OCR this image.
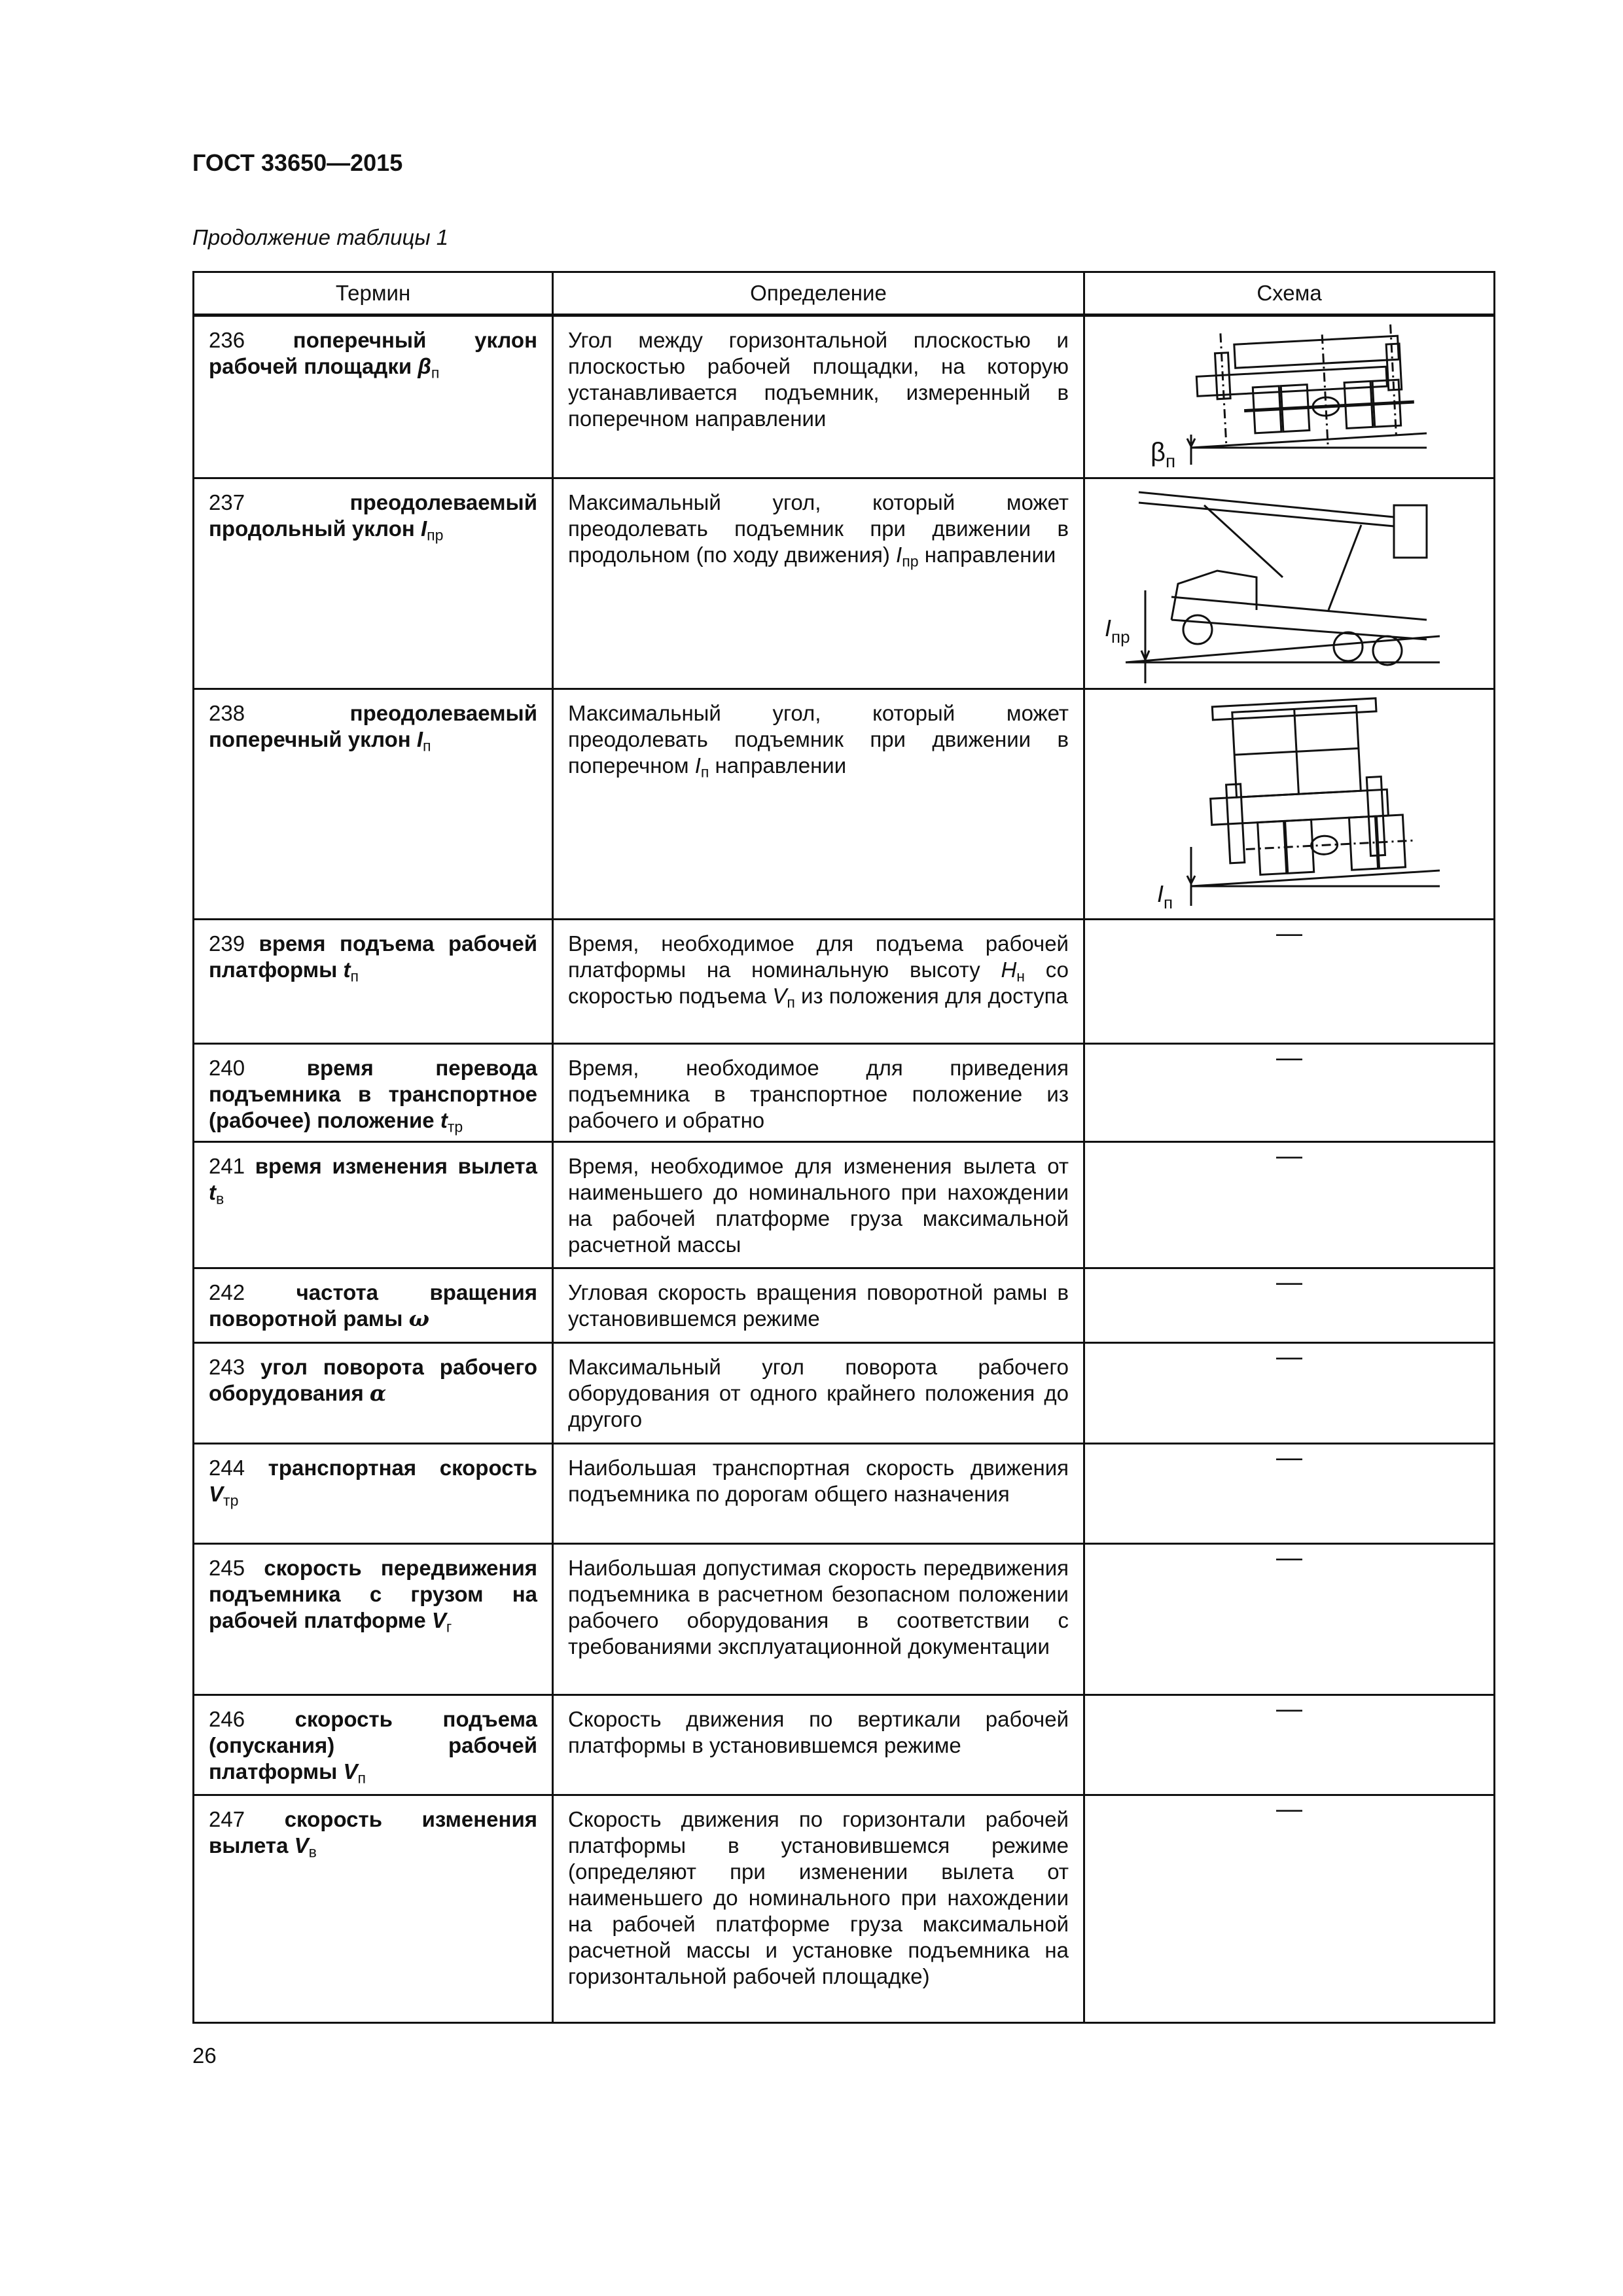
ГОСТ 33650—2015
Продолжение таблицы 1
Термин	Определение	Схема
236 поперечный уклон рабочей площадки $\beta_п$	Угол между горизонтальной плоскостью и плоскостью рабочей площадки, на которую устанавливается подъемник, измеренный в поперечном направлении	$\beta_п$

237 преодолеваемый продольный уклон $I_{пр}$	Максимальный угол, который может преодолевать подъемник при движении в продольном (по ходу движения) $I_{пр}$ направлении	$I_{пр}$

238 преодолеваемый поперечный уклон $I_п$	Максимальный угол, который может преодолевать подъемник при движении в поперечном $I_п$ направлении	$I_п$

239 время подъема рабочей платформы $t_п$	Время, необходимое для подъема рабочей платформы на номинальную высоту $H_н$ со скоростью подъема $V_п$ из положения для доступа	—
240 время перевода подъемника в транспортное (рабочее) положение $t_{тр}$	Время, необходимое для приведения подъемника в транспортное положение из рабочего и обратно	—
241 время изменения вылета $t_в$	Время, необходимое для изменения вылета от наименьшего до номинального при нахождении на рабочей платформе груза максимальной расчетной массы	—
242 частота вращения поворотной рамы ω	Угловая скорость вращения поворотной рамы в установившемся режиме	—
243 угол поворота рабочего оборудования α	Максимальный угол поворота рабочего оборудования от одного крайнего положения до другого	—
244 транспортная скорость $V_{тр}$	Наибольшая транспортная скорость движения подъемника по дорогам общего назначения	—
245 скорость передвижения подъемника с грузом на рабочей платформе $V_г$	Наибольшая допустимая скорость передвижения подъемника в расчетном безопасном положении рабочего оборудования в соответствии с требованиями эксплуатационной документации	—
246 скорость подъема (опускания) рабочей платформы $V_п$	Скорость движения по вертикали рабочей платформы в установившемся режиме	—
247 скорость изменения вылета $V_в$	Скорость движения по горизонтали рабочей платформы в установившемся режиме (определяют при изменении вылета от наименьшего до номинального при нахождении на рабочей платформе груза максимальной расчетной массы и установке подъемника на горизонтальной рабочей площадке)	—
26
